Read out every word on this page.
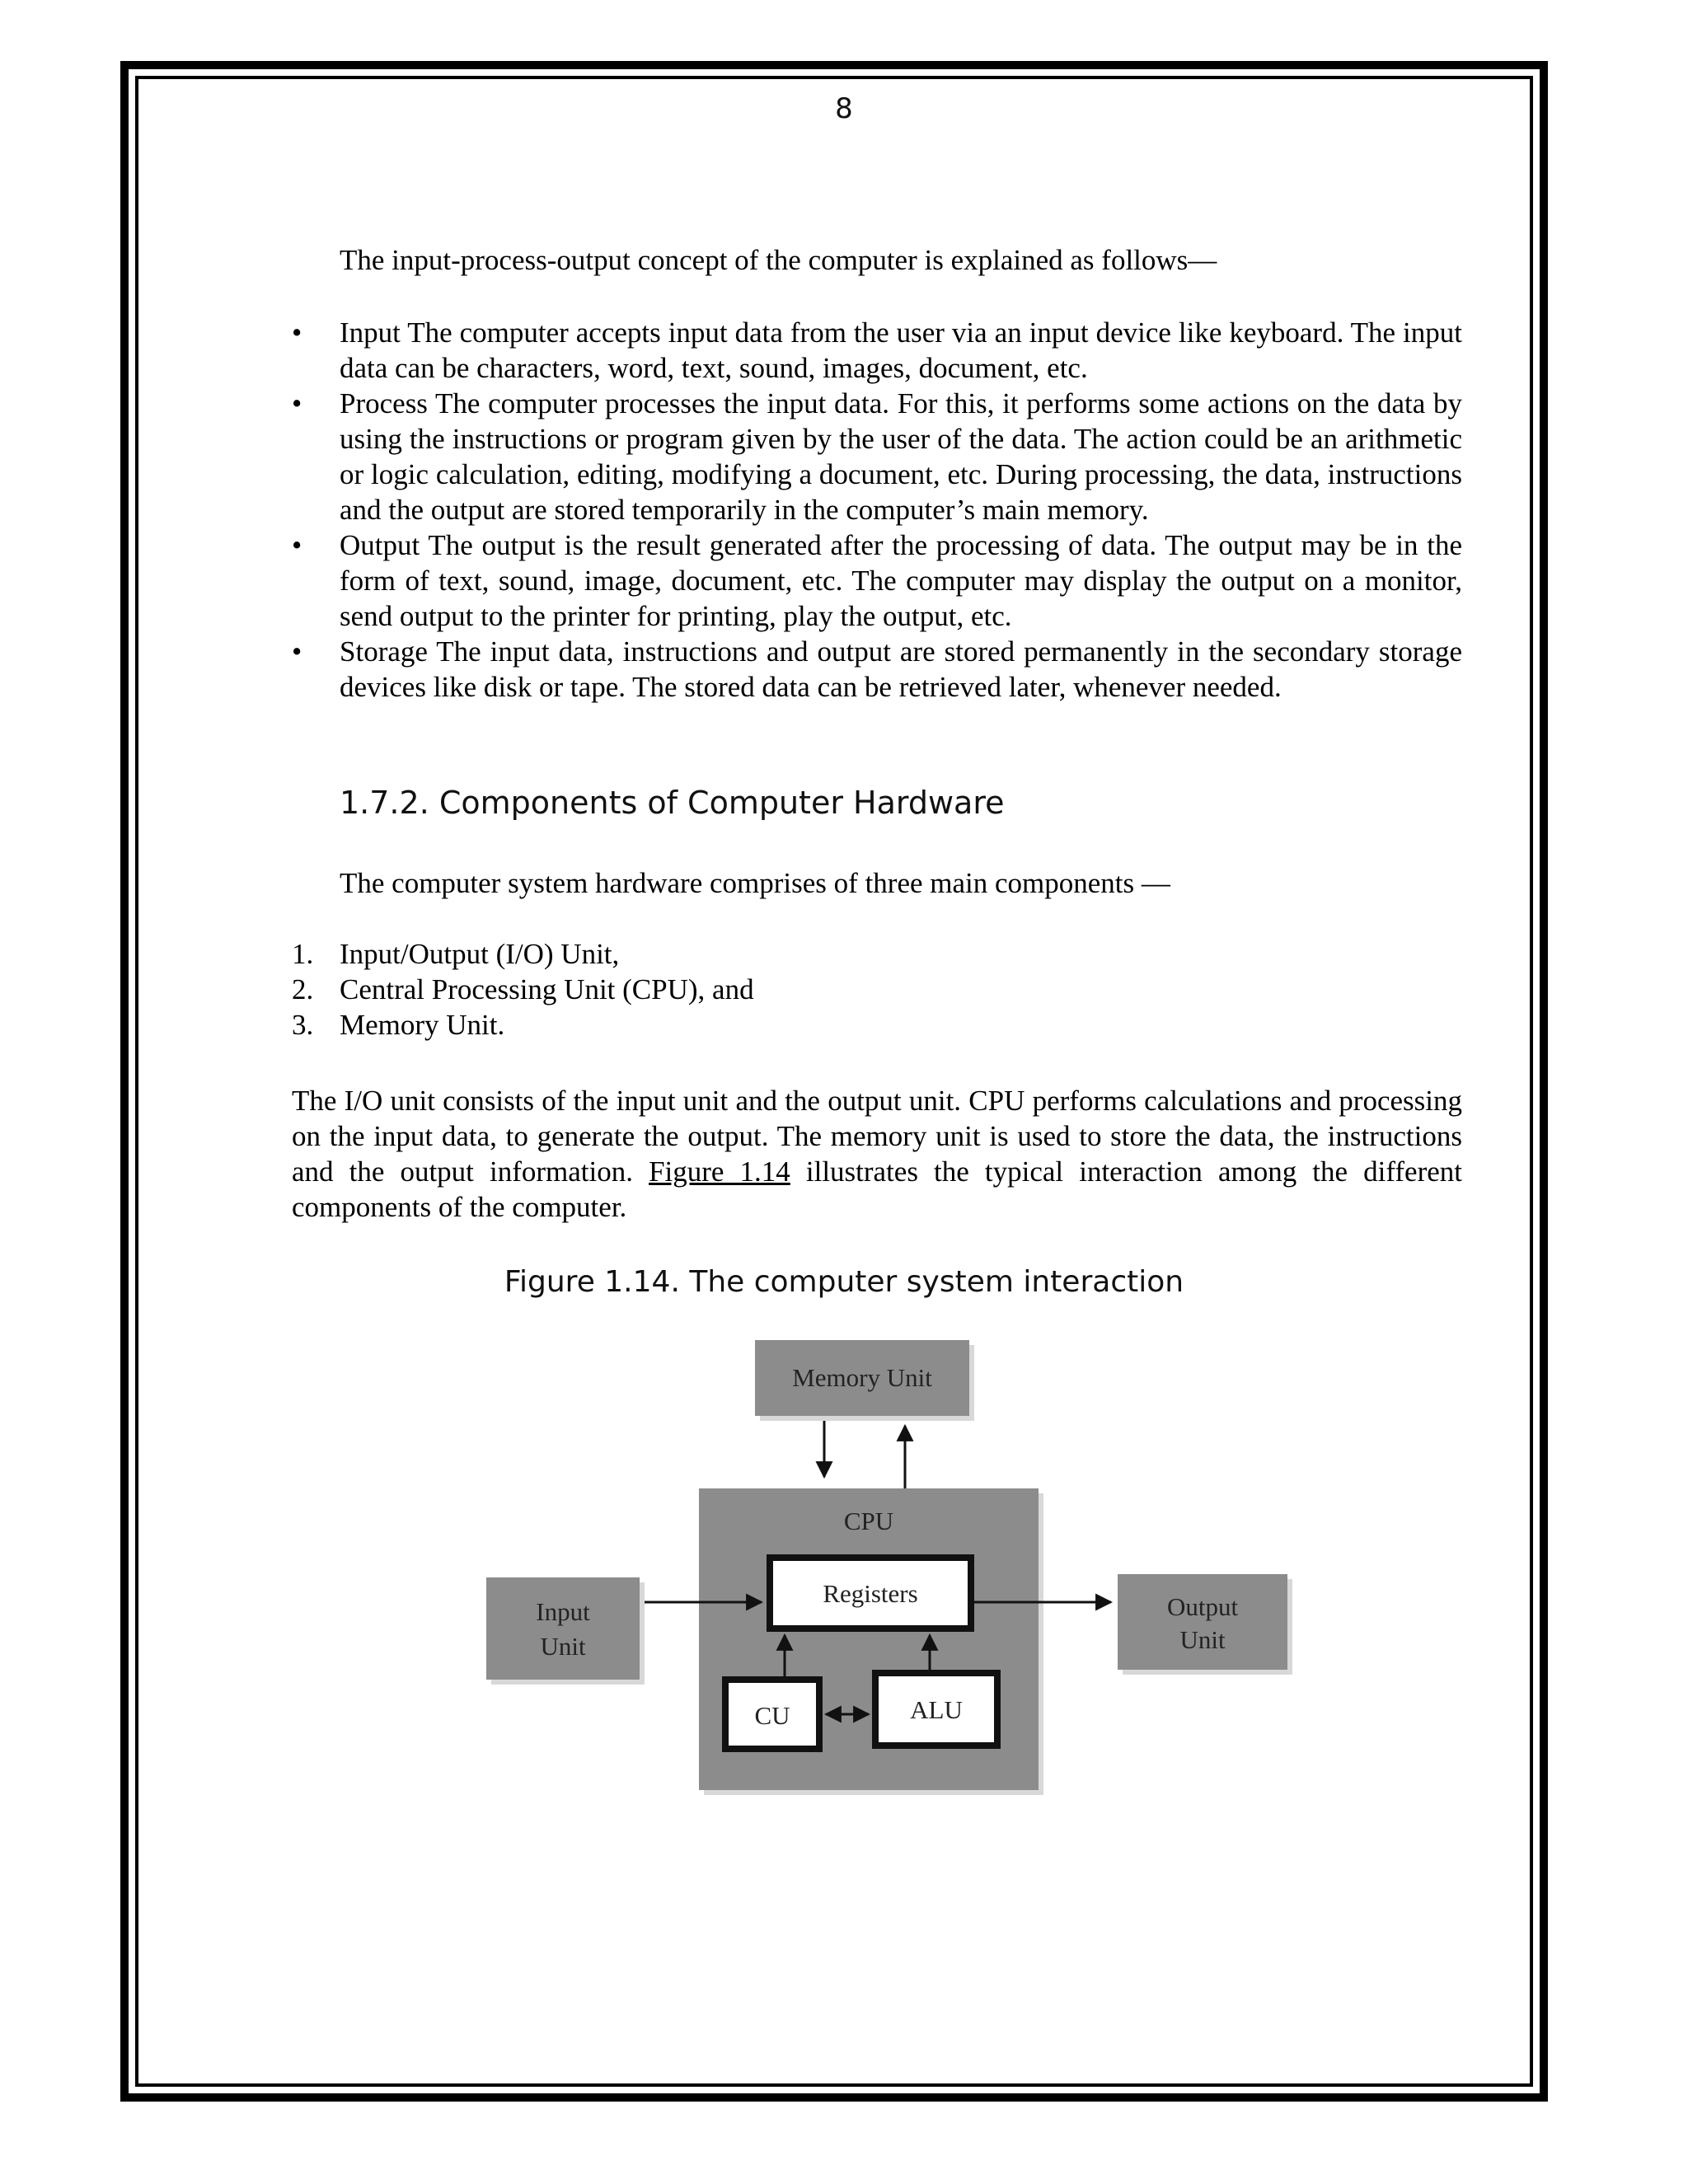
8

The input-process-output concept of the computer is explained as follows—

•	Input The computer accepts input data from the user via an input device like keyboard. The input data can be characters, word, text, sound, images, document, etc.
•	Process The computer processes the input data. For this, it performs some actions on the data by using the instructions or program given by the user of the data. The action could be an arithmetic or logic calculation, editing, modifying a document, etc. During processing, the data, instructions and the output are stored temporarily in the computer’s main memory.
•	Output The output is the result generated after the processing of data. The output may be in the form of text, sound, image, document, etc. The computer may display the output on a monitor, send output to the printer for printing, play the output, etc.
•	Storage The input data, instructions and output are stored permanently in the secondary storage devices like disk or tape. The stored data can be retrieved later, whenever needed.
1.7.2. Components of Computer Hardware

The computer system hardware comprises of three main components —

1. Input/Output (I/O) Unit,
2. Central Processing Unit (CPU), and
3. Memory Unit.

The I/O unit consists of the input unit and the output unit. CPU performs calculations and processing on the input data, to generate the output. The memory unit is used to store the data, the instructions and the output information. Figure 1.14 illustrates the typical interaction among the different components of the computer.

Figure 1.14. The computer system interaction

Memory Unit
CPU
Registers
CU	ALU
Input
Unit
Output
Unit
